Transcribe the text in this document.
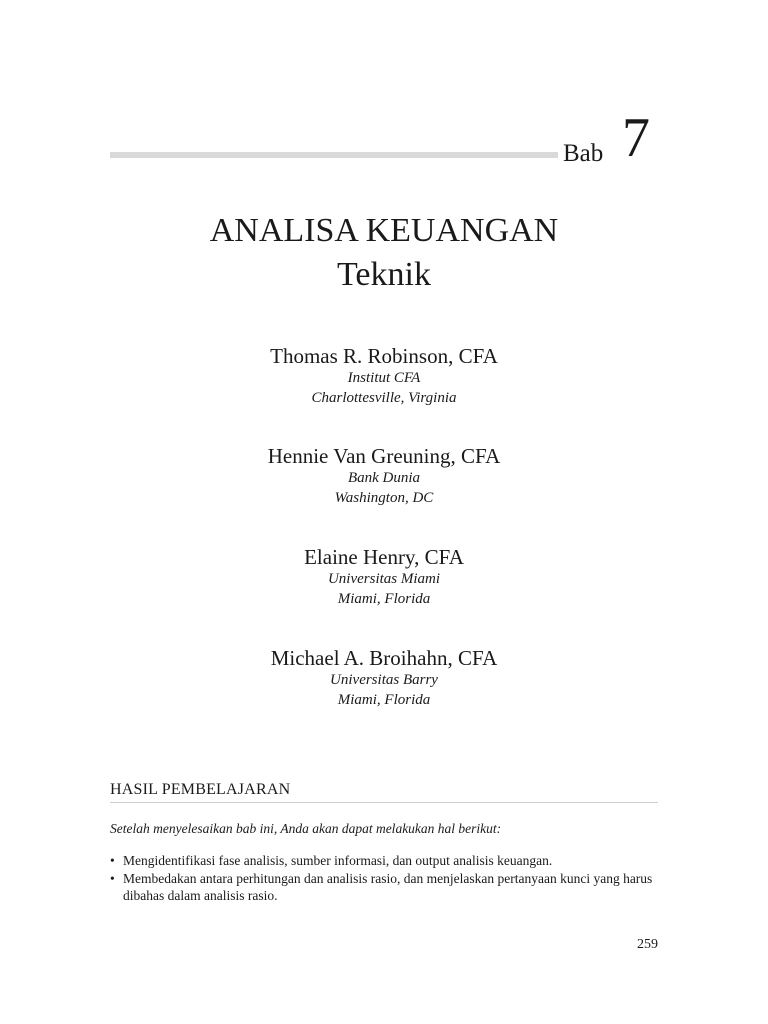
Bab 7
ANALISA KEUANGAN
Teknik
Thomas R. Robinson, CFA
Institut CFA
Charlottesville, Virginia
Hennie Van Greuning, CFA
Bank Dunia
Washington, DC
Elaine Henry, CFA
Universitas Miami
Miami, Florida
Michael A. Broihahn, CFA
Universitas Barry
Miami, Florida
HASIL PEMBELAJARAN
Setelah menyelesaikan bab ini, Anda akan dapat melakukan hal berikut:
• Mengidentifikasi fase analisis, sumber informasi, dan output analisis keuangan.
• Membedakan antara perhitungan dan analisis rasio, dan menjelaskan pertanyaan kunci yang harus dibahas dalam analisis rasio.
259
